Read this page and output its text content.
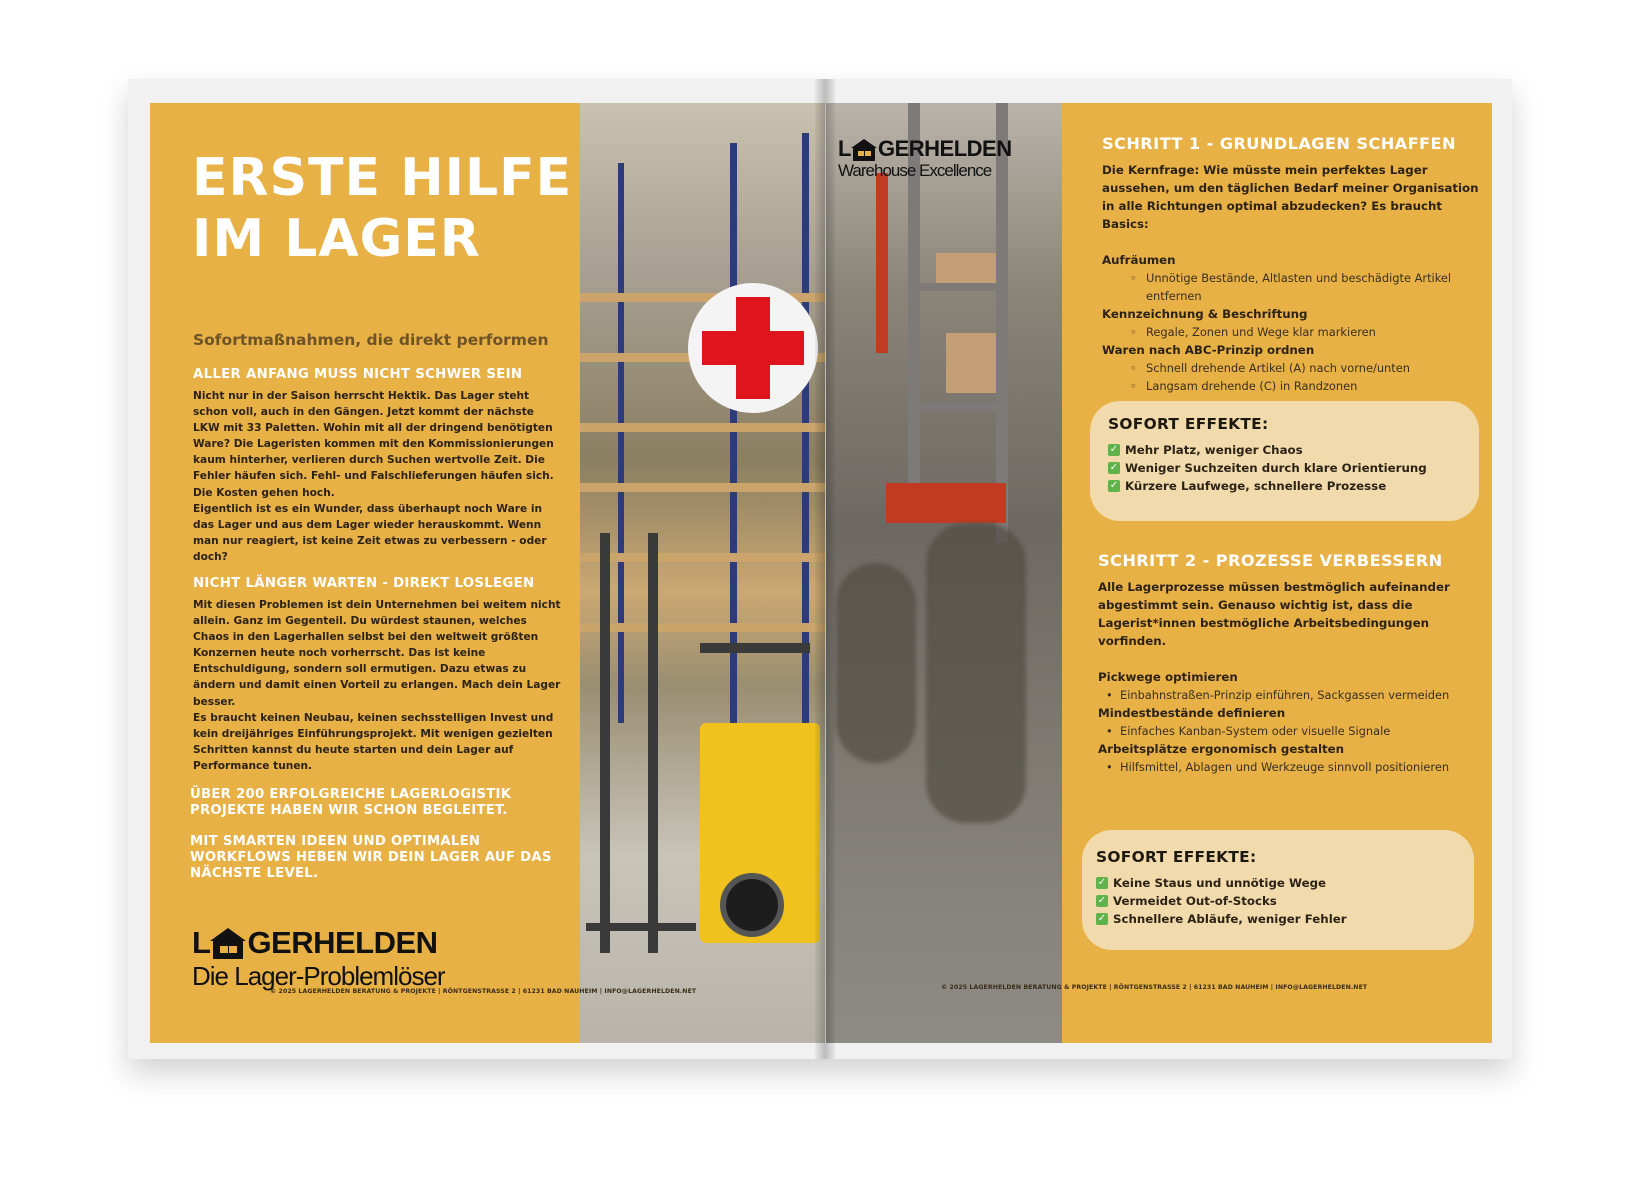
ERSTE HILFE IM LAGER
Sofortmaßnahmen, die direkt performen
ALLER ANFANG MUSS NICHT SCHWER SEIN

Nicht nur in der Saison herrscht Hektik. Das Lager steht schon voll, auch in den Gängen. Jetzt kommt der nächste LKW mit 33 Paletten. Wohin mit all der dringend benötigten Ware? Die Lageristen kommen mit den Kommissionierungen kaum hinterher, verlieren durch Suchen wertvolle Zeit. Die Fehler häufen sich. Fehl- und Falschlieferungen häufen sich. Die Kosten gehen hoch.

Eigentlich ist es ein Wunder, dass überhaupt noch Ware in das Lager und aus dem Lager wieder herauskommt. Wenn man nur reagiert, ist keine Zeit etwas zu verbessern - oder doch?

NICHT LÄNGER WARTEN - DIREKT LOSLEGEN

Mit diesen Problemen ist dein Unternehmen bei weitem nicht allein. Ganz im Gegenteil. Du würdest staunen, welches Chaos in den Lagerhallen selbst bei den weltweit größten Konzernen heute noch vorherrscht. Das ist keine Entschuldigung, sondern soll ermutigen. Dazu etwas zu ändern und damit einen Vorteil zu erlangen. Mach dein Lager besser.

Es braucht keinen Neubau, keinen sechsstelligen Invest und kein dreijähriges Einführungsprojekt. Mit wenigen gezielten Schritten kannst du heute starten und dein Lager auf Performance tunen.

ÜBER 200 ERFOLGREICHE LAGERLOGISTIK PROJEKTE HABEN WIR SCHON BEGLEITET.
MIT SMARTEN IDEEN UND OPTIMALEN WORKFLOWS HEBEN WIR DEIN LAGER AUF DAS NÄCHSTE LEVEL.
L GERHELDEN
Die Lager-Problemlöser
© 2025 LAGERHELDEN BERATUNG & PROJEKTE | RÖNTGENSTRASSE 2 | 61231 BAD NAUHEIM | INFO@LAGERHELDEN.NET
L GERHELDEN
Warehouse Excellence
SCHRITT 1 - GRUNDLAGEN SCHAFFEN
Die Kernfrage: Wie müsste mein perfektes Lager aussehen, um den täglichen Bedarf meiner Organisation in alle Richtungen optimal abzudecken? Es braucht Basics:
Aufräumen
◦ Unnötige Bestände, Altlasten und beschädigte Artikel entfernen
Kennzeichnung & Beschriftung
◦ Regale, Zonen und Wege klar markieren
Waren nach ABC-Prinzip ordnen
◦ Schnell drehende Artikel (A) nach vorne/unten
◦ Langsam drehende (C) in Randzonen
SOFORT EFFEKTE:
✓ Mehr Platz, weniger Chaos
✓ Weniger Suchzeiten durch klare Orientierung
✓ Kürzere Laufwege, schnellere Prozesse
SCHRITT 2 - PROZESSE VERBESSERN
Alle Lagerprozesse müssen bestmöglich aufeinander abgestimmt sein. Genauso wichtig ist, dass die Lagerist*innen bestmögliche Arbeitsbedingungen vorfinden.
Pickwege optimieren
• Einbahnstraßen-Prinzip einführen, Sackgassen vermeiden
Mindestbestände definieren
• Einfaches Kanban-System oder visuelle Signale
Arbeitsplätze ergonomisch gestalten
• Hilfsmittel, Ablagen und Werkzeuge sinnvoll positionieren
SOFORT EFFEKTE:
✓ Keine Staus und unnötige Wege
✓ Vermeidet Out-of-Stocks
✓ Schnellere Abläufe, weniger Fehler
© 2025 LAGERHELDEN BERATUNG & PROJEKTE | RÖNTGENSTRASSE 2 | 61231 BAD NAUHEIM | INFO@LAGERHELDEN.NET
